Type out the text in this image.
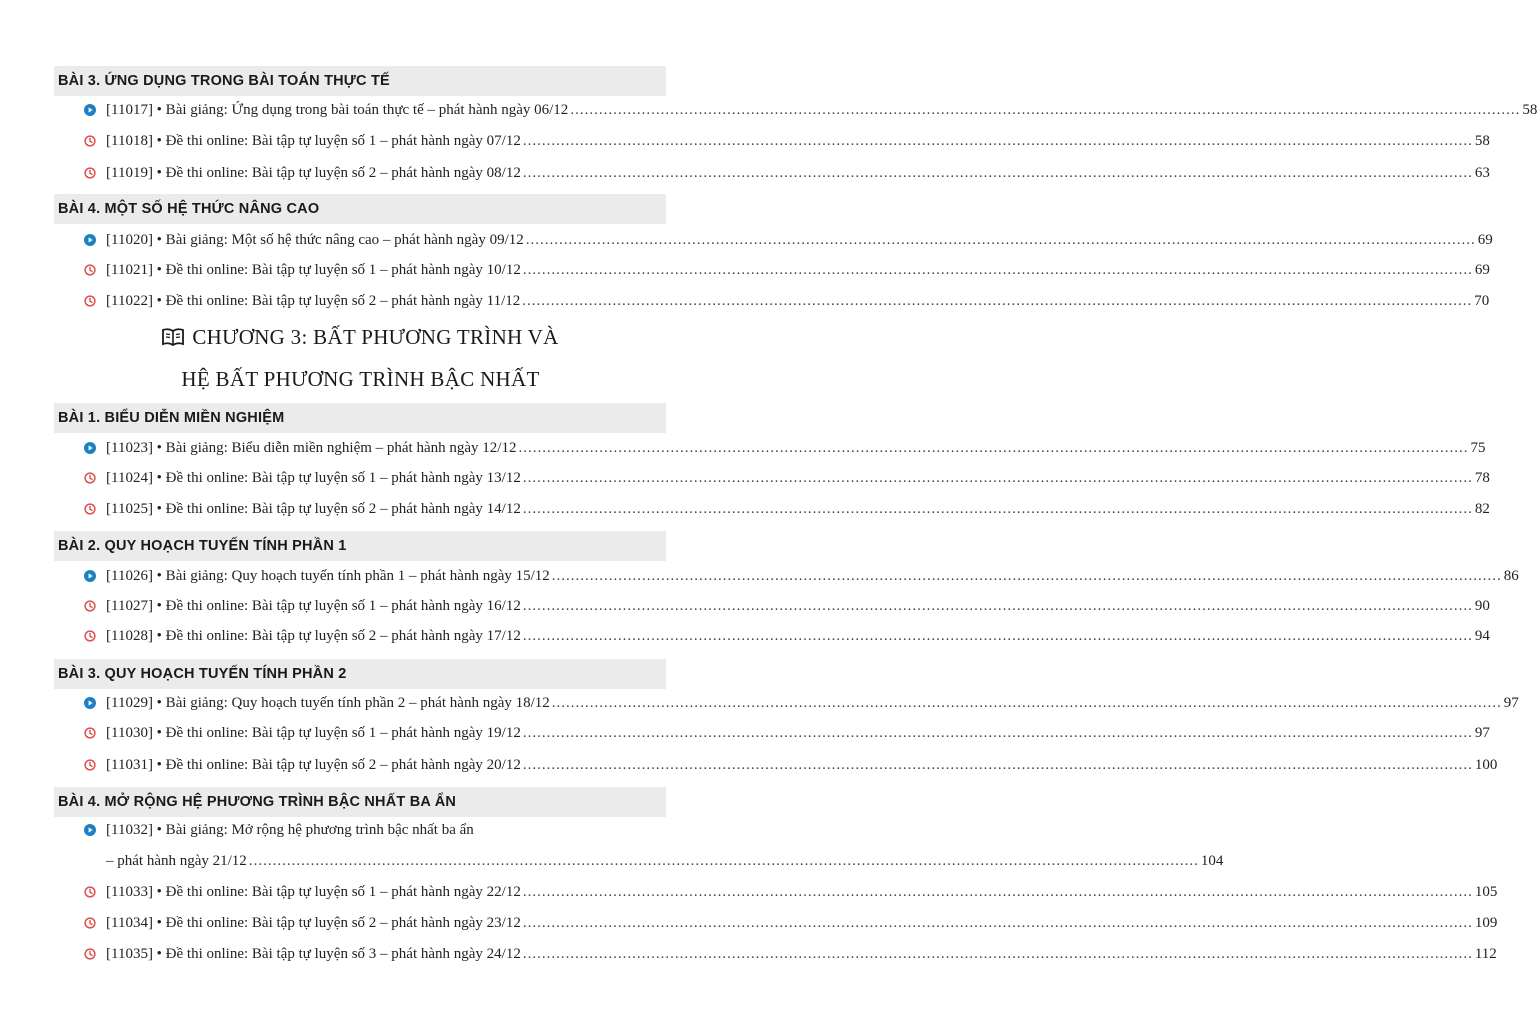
BÀI 3. ỨNG DỤNG TRONG BÀI TOÁN THỰC TẾ
[11017] • Bài giảng: Ứng dụng trong bài toán thực tế – phát hành ngày 06/12 ........................................................................................................................................................................................................ 58
[11018] • Đề thi online: Bài tập tự luyện số 1 – phát hành ngày 07/12 ........................................................................................................................................................................................................ 58
[11019] • Đề thi online: Bài tập tự luyện số 2 – phát hành ngày 08/12 ........................................................................................................................................................................................................ 63
BÀI 4. MỘT SỐ HỆ THỨC NÂNG CAO
[11020] • Bài giảng: Một số hệ thức nâng cao – phát hành ngày 09/12 ........................................................................................................................................................................................................ 69
[11021] • Đề thi online: Bài tập tự luyện số 1 – phát hành ngày 10/12 ........................................................................................................................................................................................................ 69
[11022] • Đề thi online: Bài tập tự luyện số 2 – phát hành ngày 11/12 ........................................................................................................................................................................................................ 70
CHƯƠNG 3: BẤT PHƯƠNG TRÌNH VÀ
HỆ BẤT PHƯƠNG TRÌNH BẬC NHẤT
BÀI 1. BIỂU DIỄN MIỀN NGHIỆM
[11023] • Bài giảng: Biểu diễn miền nghiệm – phát hành ngày 12/12 ........................................................................................................................................................................................................ 75
[11024] • Đề thi online: Bài tập tự luyện số 1 – phát hành ngày 13/12 ........................................................................................................................................................................................................ 78
[11025] • Đề thi online: Bài tập tự luyện số 2 – phát hành ngày 14/12 ........................................................................................................................................................................................................ 82
BÀI 2. QUY HOẠCH TUYẾN TÍNH PHẦN 1
[11026] • Bài giảng: Quy hoạch tuyến tính phần 1 – phát hành ngày 15/12 ........................................................................................................................................................................................................ 86
[11027] • Đề thi online: Bài tập tự luyện số 1 – phát hành ngày 16/12 ........................................................................................................................................................................................................ 90
[11028] • Đề thi online: Bài tập tự luyện số 2 – phát hành ngày 17/12 ........................................................................................................................................................................................................ 94
BÀI 3. QUY HOẠCH TUYẾN TÍNH PHẦN 2
[11029] • Bài giảng: Quy hoạch tuyến tính phần 2 – phát hành ngày 18/12 ........................................................................................................................................................................................................ 97
[11030] • Đề thi online: Bài tập tự luyện số 1 – phát hành ngày 19/12 ........................................................................................................................................................................................................ 97
[11031] • Đề thi online: Bài tập tự luyện số 2 – phát hành ngày 20/12 ........................................................................................................................................................................................................ 100
BÀI 4. MỞ RỘNG HỆ PHƯƠNG TRÌNH BẬC NHẤT BA ẨN
[11032] • Bài giảng: Mở rộng hệ phương trình bậc nhất ba ẩn
– phát hành ngày 21/12 ........................................................................................................................................................................................................ 104
[11033] • Đề thi online: Bài tập tự luyện số 1 – phát hành ngày 22/12 ........................................................................................................................................................................................................ 105
[11034] • Đề thi online: Bài tập tự luyện số 2 – phát hành ngày 23/12 ........................................................................................................................................................................................................ 109
[11035] • Đề thi online: Bài tập tự luyện số 3 – phát hành ngày 24/12 ........................................................................................................................................................................................................ 112
